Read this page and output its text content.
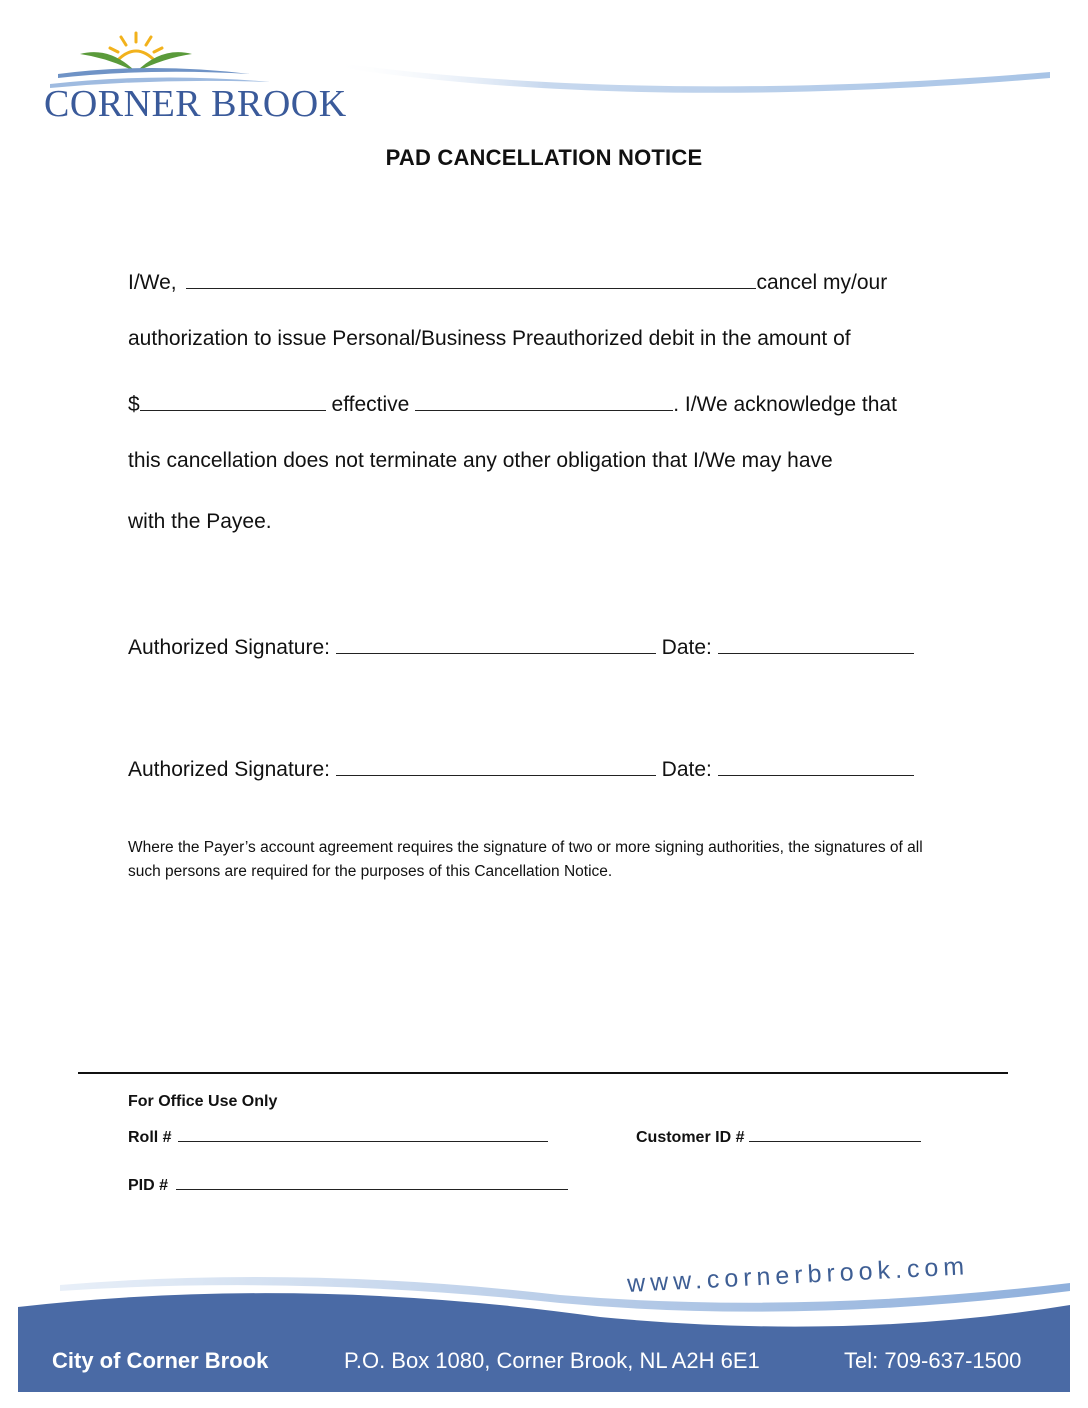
CORNER BROOK
PAD CANCELLATION NOTICE
I/We,	cancel my/our
authorization to issue Personal/Business Preauthorized debit in the amount of
$	effective	. I/We acknowledge that
this cancellation does not terminate any other obligation that I/We may have
with the Payee.
Authorized Signature:	Date:
Authorized Signature:	Date:
Where the Payer’s account agreement requires the signature of two or more signing authorities, the signatures of all such persons are required for the purposes of this Cancellation Notice.
For Office Use Only
Roll #	Customer ID #
PID #
www.cornerbrook.com
City of Corner Brook	P.O. Box 1080, Corner Brook, NL A2H 6E1	Tel: 709-637-1500
